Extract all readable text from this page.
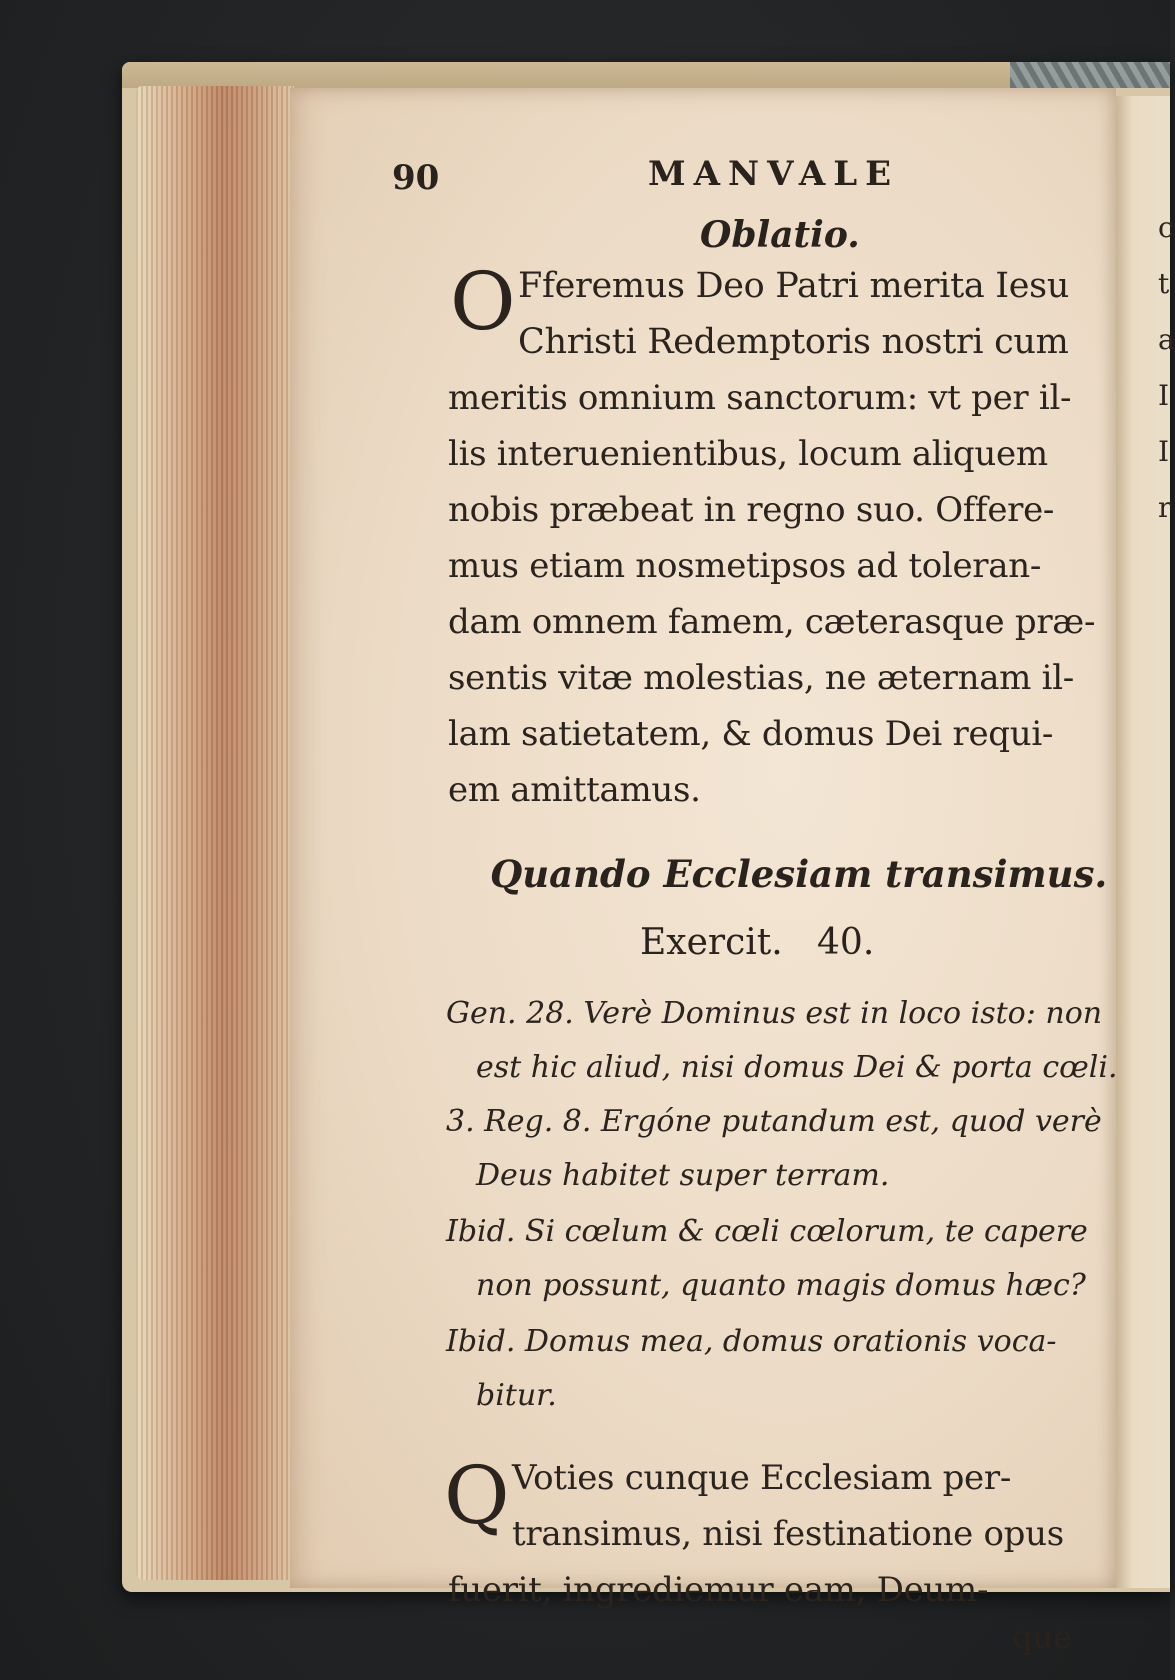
c
t
a
I
I
r
90	MANVALE
Oblatio.
O Fferemus Deo Patri merita Iesu
Christi Redemptoris nostri cum
meritis omnium sanctorum: vt per il-
lis interuenientibus, locum aliquem
nobis præbeat in regno suo. Offere-
mus etiam nosmetipsos ad toleran-
dam omnem famem, cæterasque præ-
sentis vitæ molestias, ne æternam il-
lam satietatem, & domus Dei requi-
em amittamus.
Quando Ecclesiam transimus.
Exercit.   40.
Gen. 28. Verè Dominus est in loco isto: non
est hic aliud, nisi domus Dei & porta cœli.
3. Reg. 8. Ergóne putandum est, quod verè
Deus habitet super terram.
Ibid. Si cœlum & cœli cœlorum, te capere
non possunt, quanto magis domus hæc?
Ibid. Domus mea, domus orationis voca-
bitur.
Q Voties cunque Ecclesiam per-
transimus, nisi festinatione opus
fuerit, ingrediemur eam, Deum-
que
